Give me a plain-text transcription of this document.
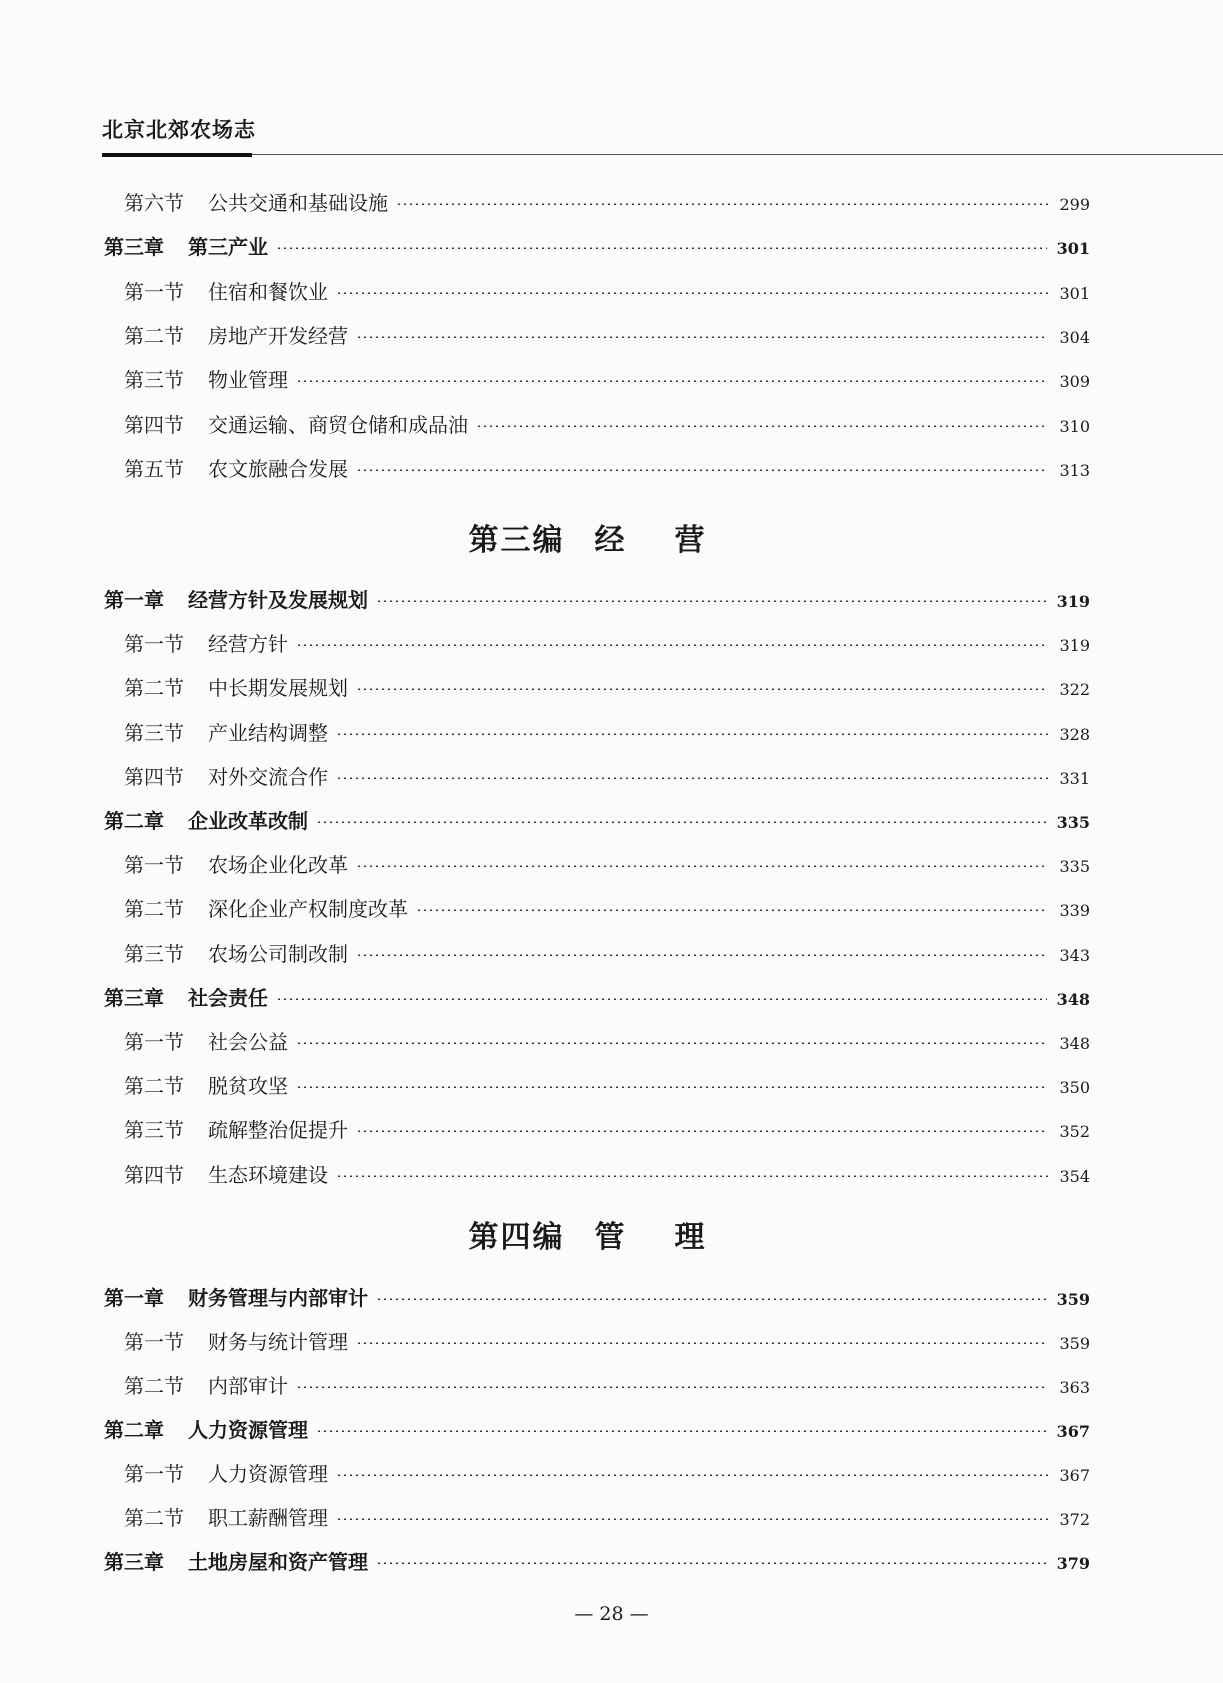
北京北郊农场志
第六节 公共交通和基础设施	299
第三章 第三产业	301
第一节 住宿和餐饮业	301
第二节 房地产开发经营	304
第三节 物业管理	309
第四节 交通运输、商贸仓储和成品油	310
第五节 农文旅融合发展	313
第一章 经营方针及发展规划	319
第一节 经营方针	319
第二节 中长期发展规划	322
第三节 产业结构调整	328
第四节 对外交流合作	331
第二章 企业改革改制	335
第一节 农场企业化改革	335
第二节 深化企业产权制度改革	339
第三节 农场公司制改制	343
第三章 社会责任	348
第一节 社会公益	348
第二节 脱贫攻坚	350
第三节 疏解整治促提升	352
第四节 生态环境建设	354
第一章 财务管理与内部审计	359
第一节 财务与统计管理	359
第二节 内部审计	363
第二章 人力资源管理	367
第一节 人力资源管理	367
第二节 职工薪酬管理	372
第三章 土地房屋和资产管理	379
第三编 经营
第四编 管理
— 28 —
